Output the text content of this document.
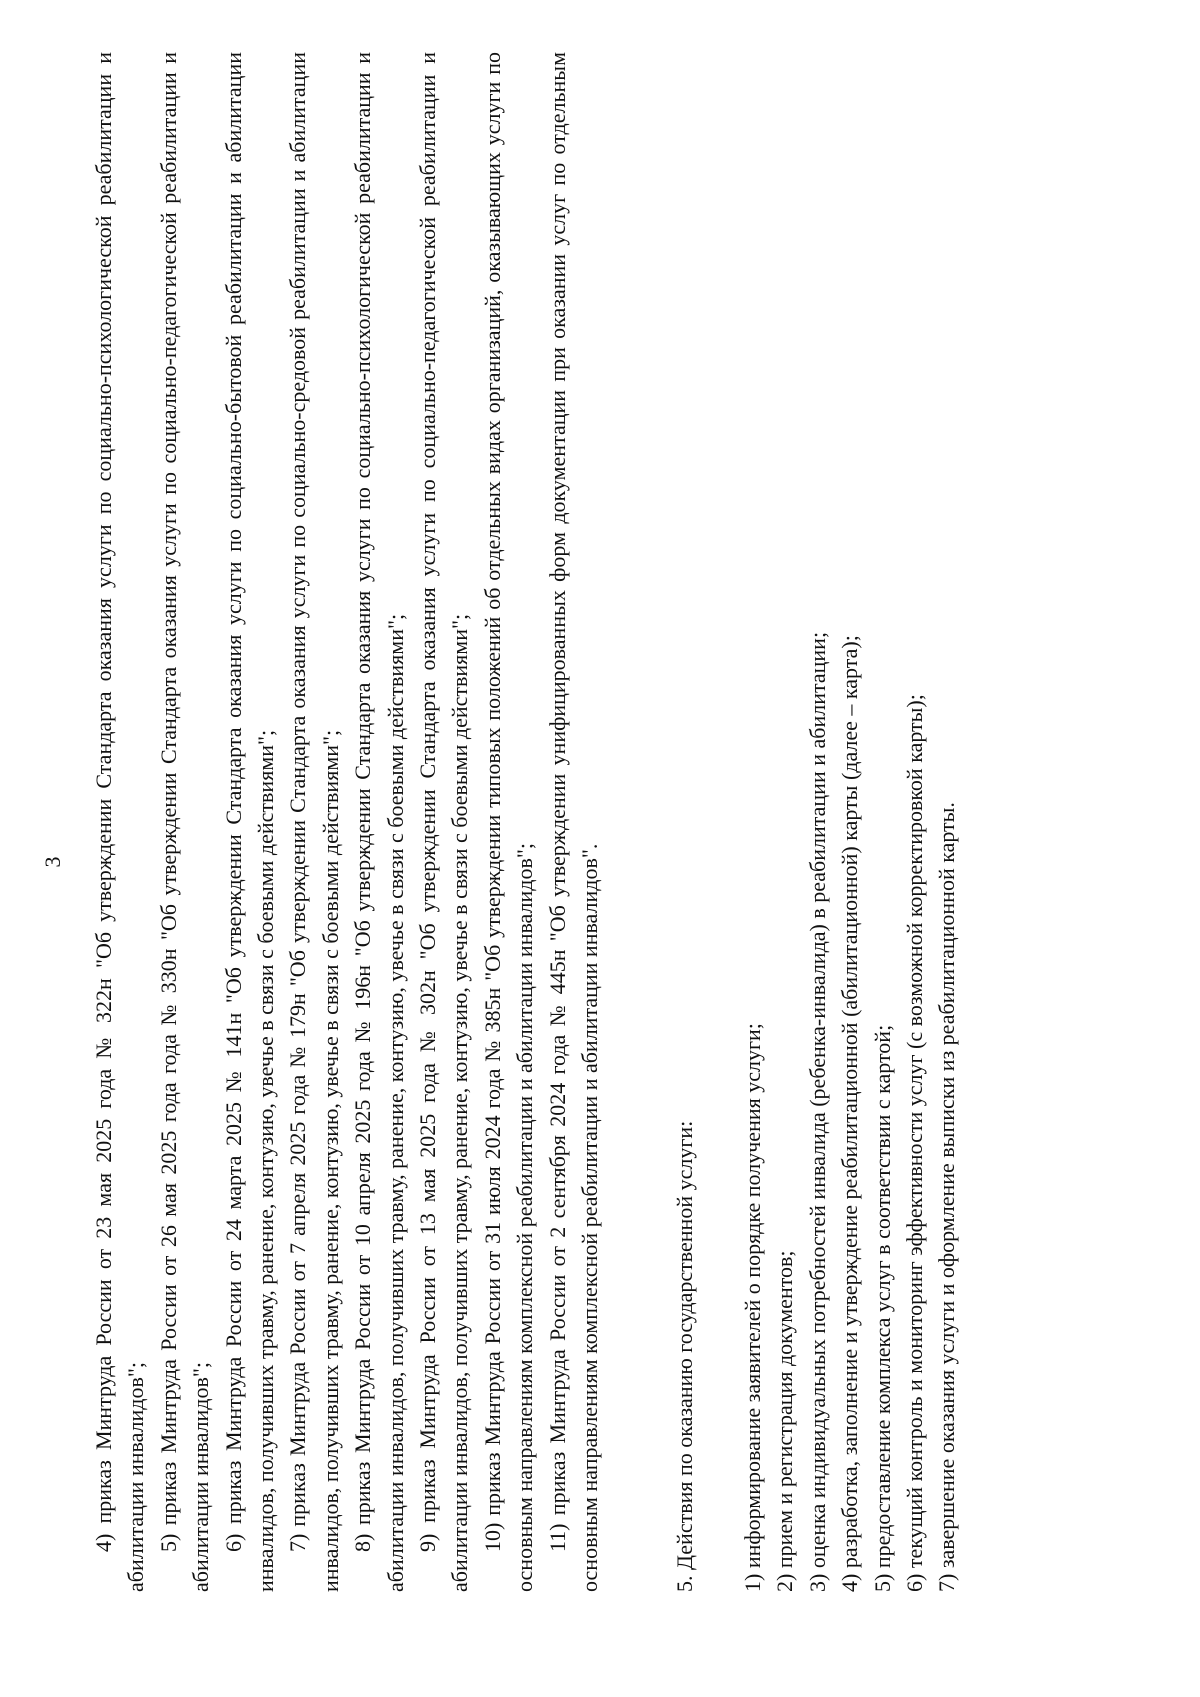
3 4) приказ Минтруда России от 23 мая 2025 года № 322н "Об утверждении Стандарта оказания услуги по социально-психологической реабилитации и абилитации инвалидов"; 5) приказ Минтруда России от 26 мая 2025 года года № 330н "Об утверждении Стандарта оказания услуги по социально-педагогической реабилитации и абилитации инвалидов"; 6) приказ Минтруда России от 24 марта 2025 № 141н "Об утверждении Стандарта оказания услуги по социально-бытовой реабилитации и абилитации инвалидов, получивших травму, ранение, контузию, увечье в связи с боевыми действиями"; 7) приказ Минтруда России от 7 апреля 2025 года № 179н "Об утверждении Стандарта оказания услуги по социально-средовой реабилитации и абилитации инвалидов, получивших травму, ранение, контузию, увечье в связи с боевыми действиями"; 8) приказ Минтруда России от 10 апреля 2025 года № 196н "Об утверждении Стандарта оказания услуги по социально-психологической реабилитации и абилитации инвалидов, получивших травму, ранение, контузию, увечье в связи с боевыми действиями"; 9) приказ Минтруда России от 13 мая 2025 года № 302н "Об утверждении Стандарта оказания услуги по социально-педагогической реабилитации и абилитации инвалидов, получивших травму, ранение, контузию, увечье в связи с боевыми действиями"; 10) приказ Минтруда России от 31 июля 2024 года № 385н "Об утверждении типовых положений об отдельных видах организаций, оказывающих услуги по основным направлениям комплексной реабилитации и абилитации инвалидов"; 11) приказ Минтруда России от 2 сентября 2024 года № 445н "Об утверждении унифицированных форм документации при оказании услуг по отдельным основным направлениям комплексной реабилитации и абилитации инвалидов".	5. Действия по оказанию государственной услуги: 1) информирование заявителей о порядке получения услуги; 2) прием и регистрация документов; 3) оценка индивидуальных потребностей инвалида (ребенка-инвалида) в реабилитации и абилитации; 4) разработка, заполнение и утверждение реабилитационной (абилитационной) карты (далее – карта); 5) предоставление комплекса услуг в соответствии с картой; 6) текущий контроль и мониторинг эффективности услуг (с возможной корректировкой карты); 7) завершение оказания услуги и оформление выписки из реабилитационной карты.
